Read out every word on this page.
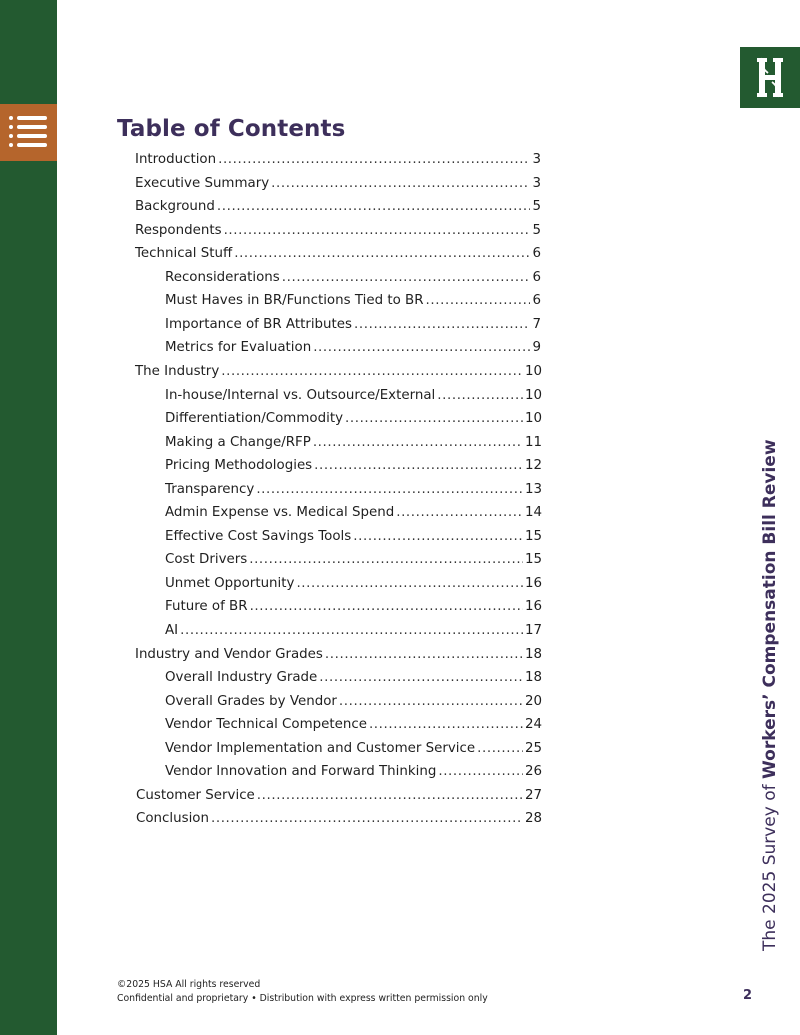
Table of Contents
Introduction .....	3
Executive Summary .....	3
Background .....	5
Respondents .....	5
Technical Stuff .....	6
Reconsiderations .....	6
Must Haves in BR/Functions Tied to BR .....	6
Importance of BR Attributes .....	7
Metrics for Evaluation .....	9
The Industry .....	10
In-house/Internal vs. Outsource/External .....	10
Differentiation/Commodity .....	10
Making a Change/RFP .....	11
Pricing Methodologies .....	12
Transparency .....	13
Admin Expense vs. Medical Spend .....	14
Effective Cost Savings Tools .....	15
Cost Drivers .....	15
Unmet Opportunity .....	16
Future of BR .....	16
AI .....	17
Industry and Vendor Grades .....	18
Overall Industry Grade .....	18
Overall Grades by Vendor .....	20
Vendor Technical Competence .....	24
Vendor Implementation and Customer Service .....	25
Vendor Innovation and Forward Thinking .....	26
Customer Service .....	27
Conclusion .....	28	The 2025 Survey of Workers’ Compensation Bill Review
©2025 HSA All rights reserved
Confidential and proprietary • Distribution with express written permission only	2
